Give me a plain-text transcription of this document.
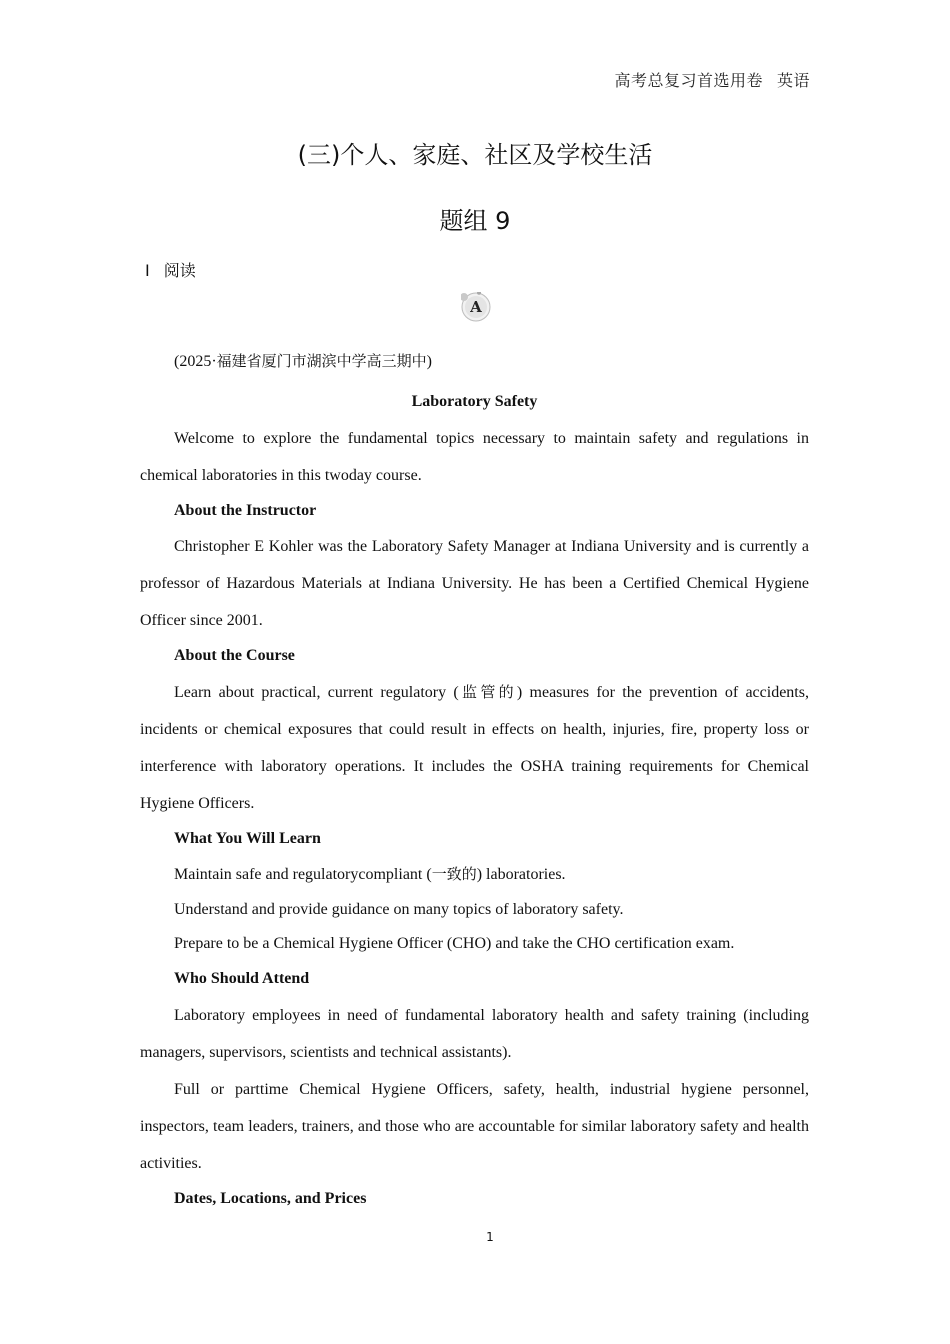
高考总复习首选用卷 英语
(三)个人、家庭、社区及学校生活
题组 9
Ⅰ 阅读
A

(2025·福建省厦门市湖滨中学高三期中)

Laboratory Safety

Welcome to explore the fundamental topics necessary to maintain safety and regulations in chemical laboratories in this twoday course.

About the Instructor

Christopher E Kohler was the Laboratory Safety Manager at Indiana University and is currently a professor of Hazardous Materials at Indiana University. He has been a Certified Chemical Hygiene Officer since 2001.

About the Course

Learn about practical, current regulatory (监管的) measures for the prevention of accidents, incidents or chemical exposures that could result in effects on health, injuries, fire, property loss or interference with laboratory operations. It includes the OSHA training requirements for Chemical Hygiene Officers.

What You Will Learn

Maintain safe and regulatorycompliant (一致的) laboratories.

Understand and provide guidance on many topics of laboratory safety.

Prepare to be a Chemical Hygiene Officer (CHO) and take the CHO certification exam.

Who Should Attend

Laboratory employees in need of fundamental laboratory health and safety training (including managers, supervisors, scientists and technical assistants).

Full or parttime Chemical Hygiene Officers, safety, health, industrial hygiene personnel, inspectors, team leaders, trainers, and those who are accountable for similar laboratory safety and health activities.

Dates, Locations, and Prices

1
